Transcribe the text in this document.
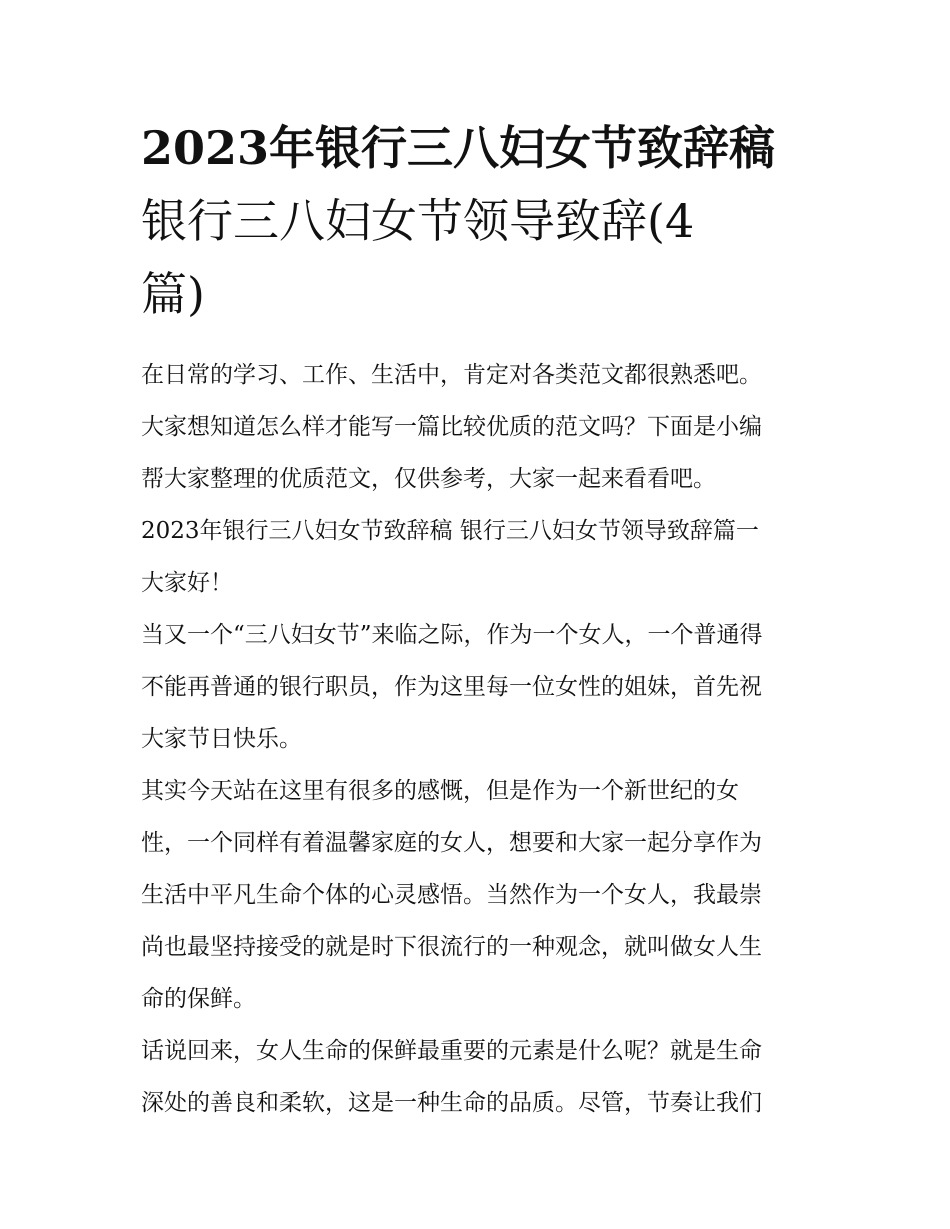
2023年银行三八妇女节致辞稿
银行三八妇女节领导致辞(4
篇)

在日常的学习、工作、生活中，肯定对各类范文都很熟悉吧。
大家想知道怎么样才能写一篇比较优质的范文吗？下面是小编
帮大家整理的优质范文，仅供参考，大家一起来看看吧。

2023年银行三八妇女节致辞稿 银行三八妇女节领导致辞篇一

大家好！

当又一个“三八妇女节”来临之际，作为一个女人，一个普通得
不能再普通的银行职员，作为这里每一位女性的姐妹，首先祝
大家节日快乐。

其实今天站在这里有很多的感慨，但是作为一个新世纪的女
性，一个同样有着温馨家庭的女人，想要和大家一起分享作为
生活中平凡生命个体的心灵感悟。当然作为一个女人，我最崇
尚也最坚持接受的就是时下很流行的一种观念，就叫做女人生
命的保鲜。

话说回来，女人生命的保鲜最重要的元素是什么呢？就是生命
深处的善良和柔软，这是一种生命的品质。尽管，节奏让我们
